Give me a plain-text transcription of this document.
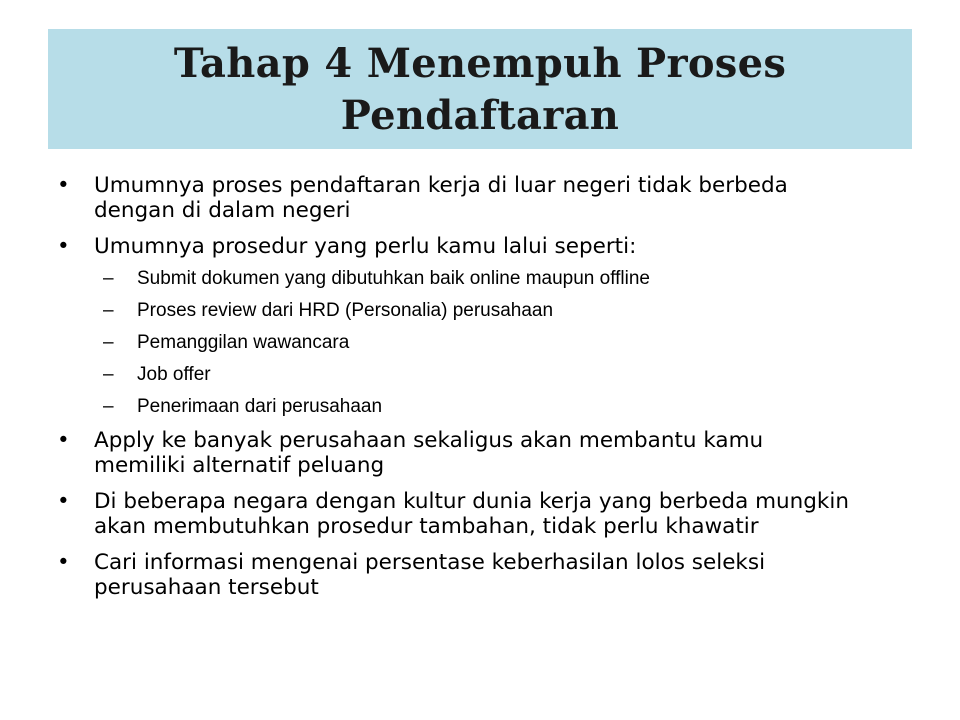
Tahap 4 Menempuh Proses Pendaftaran
• Umumnya proses pendaftaran kerja di luar negeri tidak berbeda dengan di dalam negeri
• Umumnya prosedur yang perlu kamu lalui seperti:
– Submit dokumen yang dibutuhkan baik online maupun offline
– Proses review dari HRD (Personalia) perusahaan
– Pemanggilan wawancara
– Job offer
– Penerimaan dari perusahaan
• Apply ke banyak perusahaan sekaligus akan membantu kamu memiliki alternatif peluang
• Di beberapa negara dengan kultur dunia kerja yang berbeda mungkin akan membutuhkan prosedur tambahan, tidak perlu khawatir
• Cari informasi mengenai persentase keberhasilan lolos seleksi perusahaan tersebut
